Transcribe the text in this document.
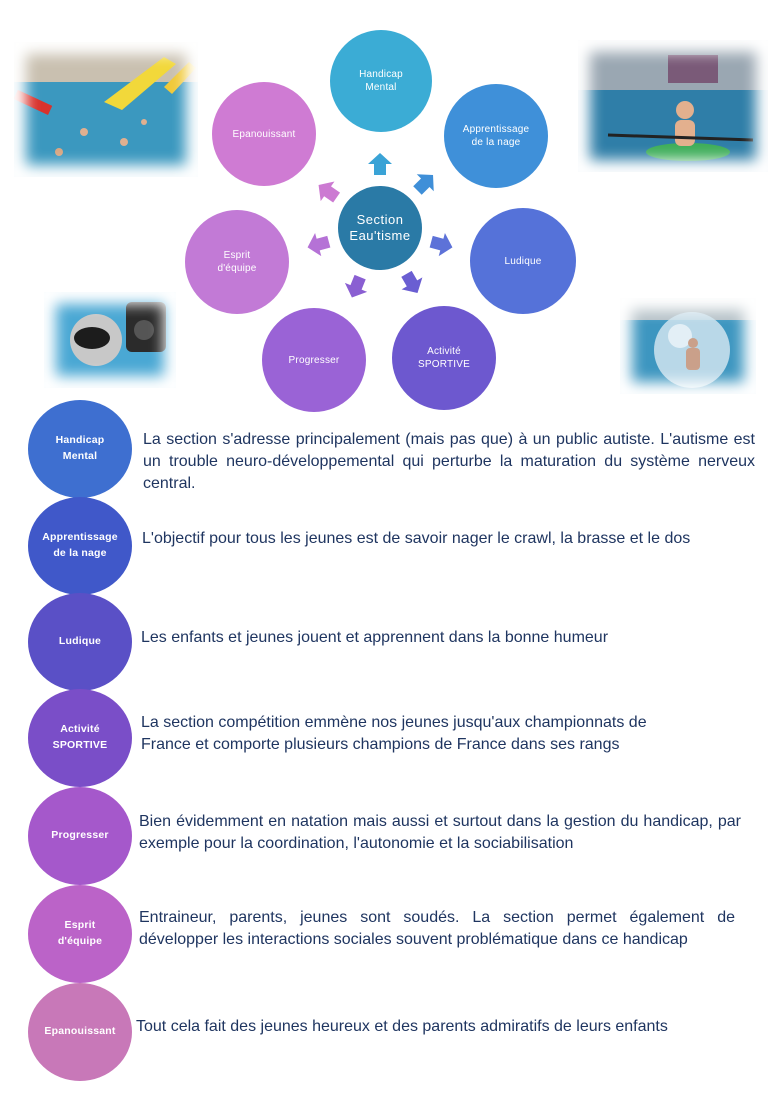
Section Eau'tisme
Handicap Mental
Apprentissage de la nage
Ludique
Activité SPORTIVE
Progresser
Esprit d'équipe
Epanouissant
Handicap Mental
La section s'adresse principalement (mais pas que) à un public autiste. L'autisme est un trouble neuro-développemental qui perturbe la maturation du système nerveux central.
Apprentissage de la nage
L'objectif pour tous les jeunes est de savoir nager le crawl, la brasse et le dos
Ludique Les enfants et jeunes jouent et apprennent dans la bonne humeur
Activité SPORTIVE
La section compétition emmène nos jeunes jusqu'aux championnats de France et comporte plusieurs champions de France dans ses rangs
Progresser
Bien évidemment en natation mais aussi et surtout dans la gestion du handicap, par exemple pour la coordination, l'autonomie et la sociabilisation
Esprit d'équipe
Entraineur, parents, jeunes sont soudés. La section permet également de développer les interactions sociales souvent problématique dans ce handicap
Epanouissant Tout cela fait des jeunes heureux et des parents admiratifs de leurs enfants
